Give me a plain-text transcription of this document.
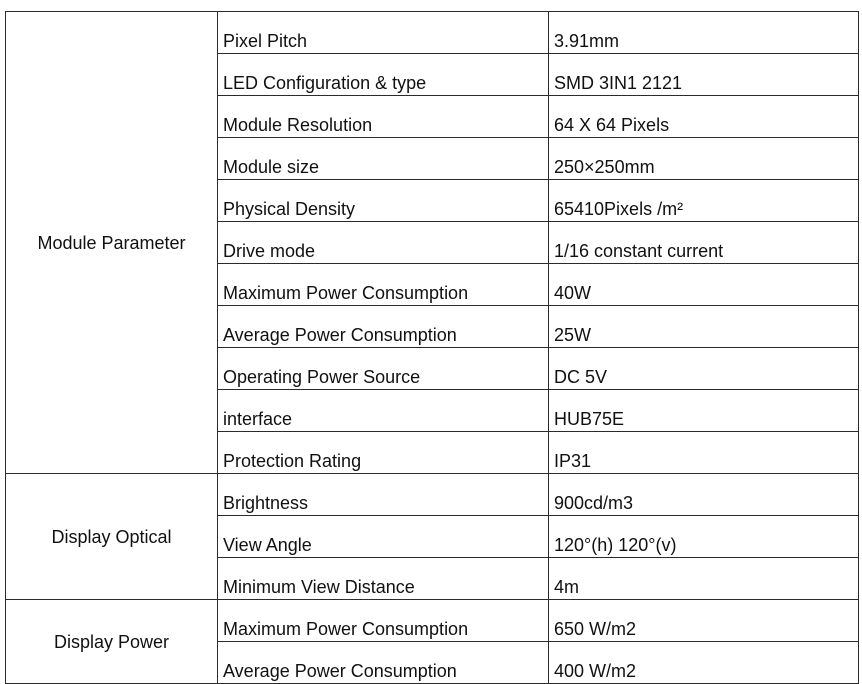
Module Parameter	Pixel Pitch	3.91mm
	LED Configuration & type	SMD 3IN1 2121
	Module Resolution	64 X 64 Pixels
	Module size	250×250mm
	Physical Density	65410Pixels /m²
	Drive mode	1/16 constant current
	Maximum Power Consumption	40W
	Average Power Consumption	25W
	Operating Power Source	DC 5V
	interface	HUB75E
	Protection Rating	IP31
Display Optical	Brightness	900cd/m3
	View Angle	120°(h) 120°(v)
	Minimum View Distance	4m
Display Power	Maximum Power Consumption	650 W/m2
	Average Power Consumption	400 W/m2
